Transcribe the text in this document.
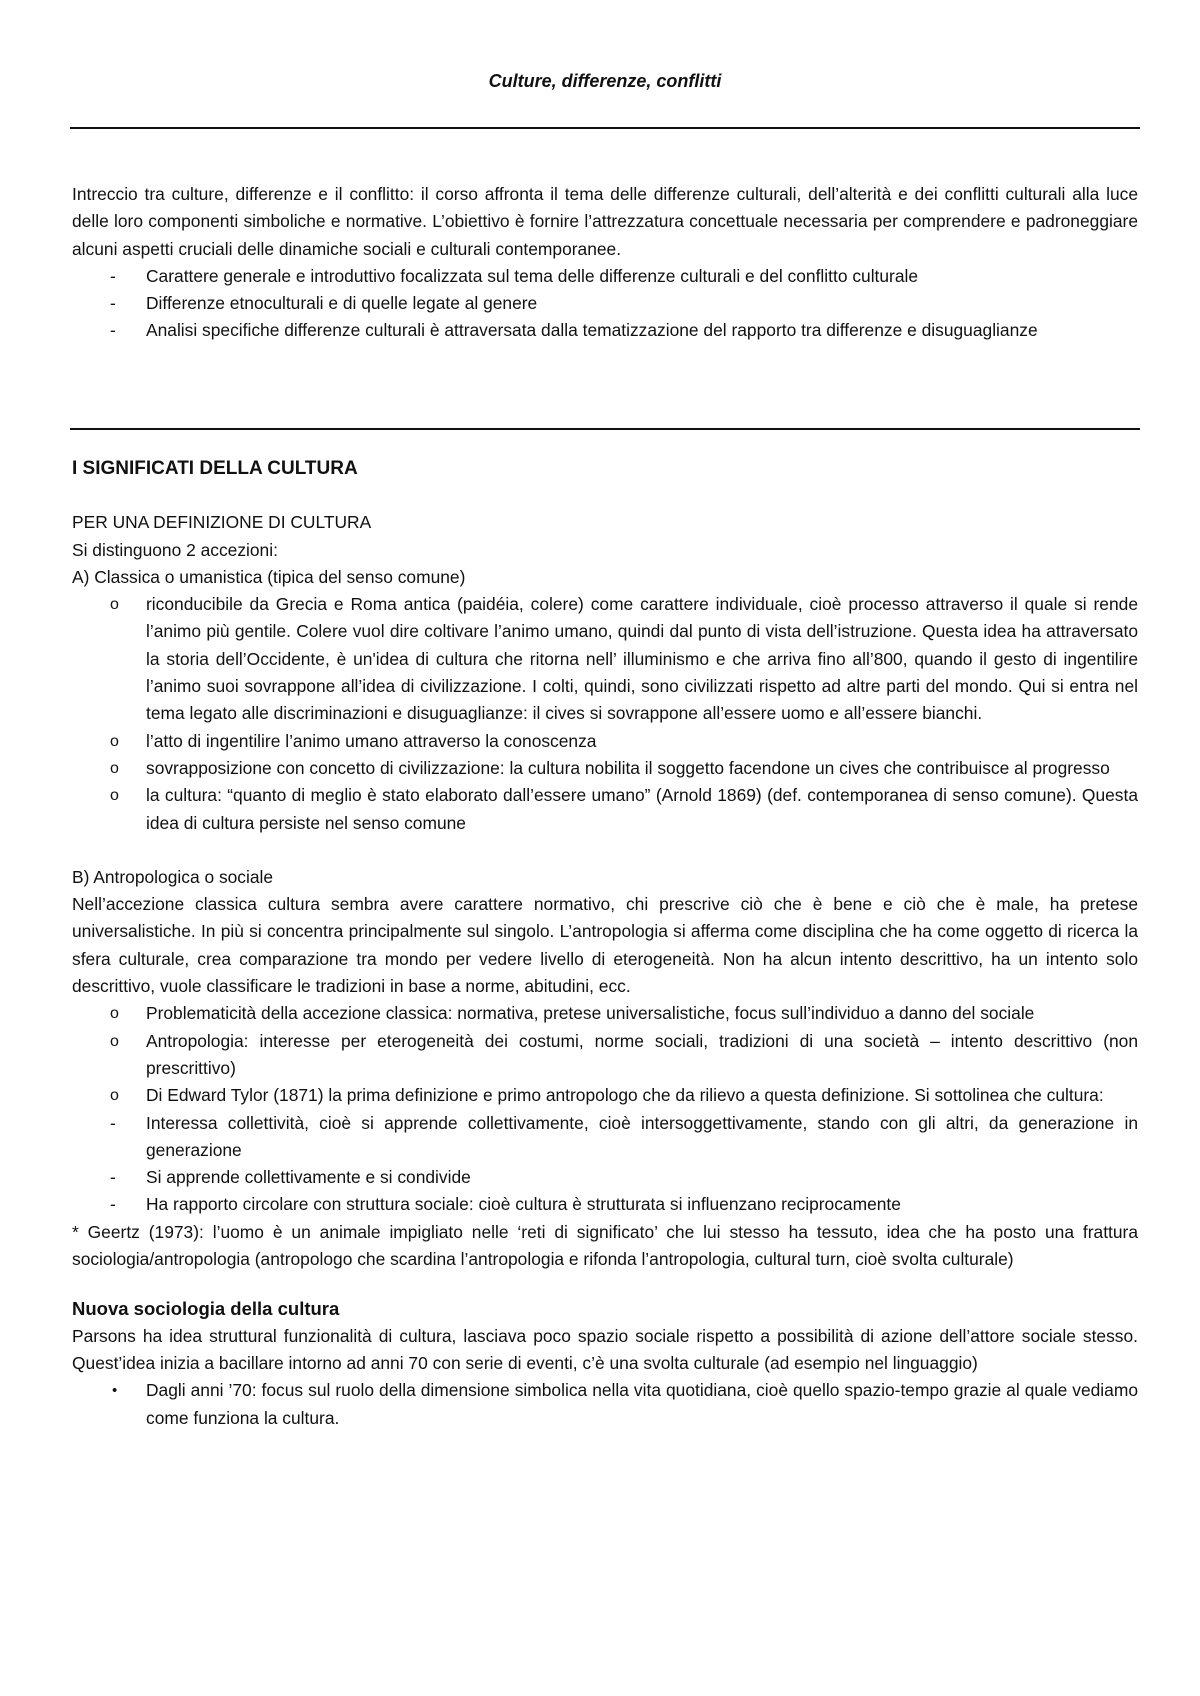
Culture, differenze, conflitti

Intreccio tra culture, differenze e il conflitto: il corso affronta il tema delle differenze culturali, dell’alterità e dei conflitti culturali alla luce delle loro componenti simboliche e normative. L’obiettivo è fornire l’attrezzatura concettuale necessaria per comprendere e padroneggiare alcuni aspetti cruciali delle dinamiche sociali e culturali contemporanee.

- Carattere generale e introduttivo focalizzata sul tema delle differenze culturali e del conflitto culturale
- Differenze etnoculturali e di quelle legate al genere
- Analisi specifiche differenze culturali è attraversata dalla tematizzazione del rapporto tra differenze e disuguaglianze
I SIGNIFICATI DELLA CULTURA

PER UNA DEFINIZIONE DI CULTURA

Si distinguono 2 accezioni:

A) Classica o umanistica (tipica del senso comune)

o riconducibile da Grecia e Roma antica (paidéia, colere) come carattere individuale, cioè processo attraverso il quale si rende l’animo più gentile. Colere vuol dire coltivare l’animo umano, quindi dal punto di vista dell’istruzione. Questa idea ha attraversato la storia dell’Occidente, è un'idea di cultura che ritorna nell’ illuminismo e che arriva fino all’800, quando il gesto di ingentilire l’animo suoi sovrappone all’idea di civilizzazione. I colti, quindi, sono civilizzati rispetto ad altre parti del mondo. Qui si entra nel tema legato alle discriminazioni e disuguaglianze: il cives si sovrappone all’essere uomo e all’essere bianchi.
o l’atto di ingentilire l’animo umano attraverso la conoscenza
o sovrapposizione con concetto di civilizzazione: la cultura nobilita il soggetto facendone un cives che contribuisce al progresso
o la cultura: “quanto di meglio è stato elaborato dall’essere umano” (Arnold 1869) (def. contemporanea di senso comune). Questa idea di cultura persiste nel senso comune

B) Antropologica o sociale

Nell’accezione classica cultura sembra avere carattere normativo, chi prescrive ciò che è bene e ciò che è male, ha pretese universalistiche. In più si concentra principalmente sul singolo. L’antropologia si afferma come disciplina che ha come oggetto di ricerca la sfera culturale, crea comparazione tra mondo per vedere livello di eterogeneità. Non ha alcun intento descrittivo, ha un intento solo descrittivo, vuole classificare le tradizioni in base a norme, abitudini, ecc.

o Problematicità della accezione classica: normativa, pretese universalistiche, focus sull’individuo a danno del sociale
o Antropologia: interesse per eterogeneità dei costumi, norme sociali, tradizioni di una società – intento descrittivo (non prescrittivo)
o Di Edward Tylor (1871) la prima definizione e primo antropologo che da rilievo a questa definizione. Si sottolinea che cultura:
- Interessa collettività, cioè si apprende collettivamente, cioè intersoggettivamente, stando con gli altri, da generazione in generazione
- Si apprende collettivamente e si condivide
- Ha rapporto circolare con struttura sociale: cioè cultura è strutturata si influenzano reciprocamente

* Geertz (1973): l’uomo è un animale impigliato nelle ‘reti di significato’ che lui stesso ha tessuto, idea che ha posto una frattura sociologia/antropologia (antropologo che scardina l’antropologia e rifonda l’antropologia, cultural turn, cioè svolta culturale)

Nuova sociologia della cultura

Parsons ha idea struttural funzionalità di cultura, lasciava poco spazio sociale rispetto a possibilità di azione dell’attore sociale stesso. Quest’idea inizia a bacillare intorno ad anni 70 con serie di eventi, c’è una svolta culturale (ad esempio nel linguaggio)

• Dagli anni ’70: focus sul ruolo della dimensione simbolica nella vita quotidiana, cioè quello spazio-tempo grazie al quale vediamo come funziona la cultura.
